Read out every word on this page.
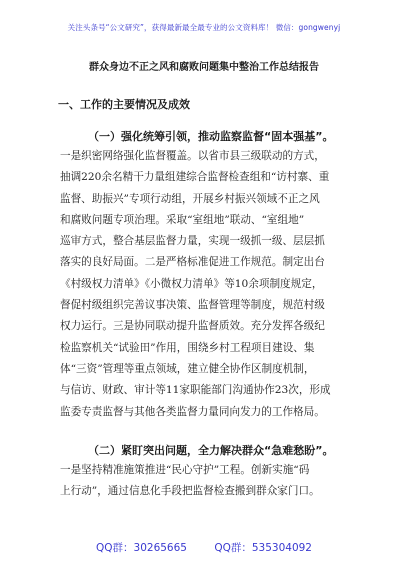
关注头条号“公文研究”，获得最新最全最专业的公文资料库！ 微信：gongwenyj
群众身边不正之风和腐败问题集中整治工作总结报告
一、工作的主要情况及成效
（一）强化统筹引领，推动监察监督“固本强基”。
一是织密网络强化监督覆盖。以省市县三级联动的方式，
抽调220余名精干力量组建综合监督检查组和“访村寨、重
监督、助振兴”专项行动组，开展乡村振兴领域不正之风
和腐败问题专项治理。采取“室组地”联动、“室组地”
巡审方式，整合基层监督力量，实现一级抓一级、层层抓
落实的良好局面。二是严格标准促进工作规范。制定出台
《村级权力清单》《小微权力清单》等10余项制度规定，
督促村级组织完善议事决策、监督管理等制度，规范村级
权力运行。三是协同联动提升监督质效。充分发挥各级纪
检监察机关“试验田”作用，围绕乡村工程项目建设、集
体“三资”管理等重点领域，建立健全协作区制度机制，
与信访、财政、审计等11家职能部门沟通协作23次，形成
监委专责监督与其他各类监督力量同向发力的工作格局。
（二）紧盯突出问题，全力解决群众“急难愁盼”。
一是坚持精准施策推进“民心守护”工程。创新实施“码
上行动”，通过信息化手段把监督检查搬到群众家门口。
QQ群：30265665	QQ群：535304092
